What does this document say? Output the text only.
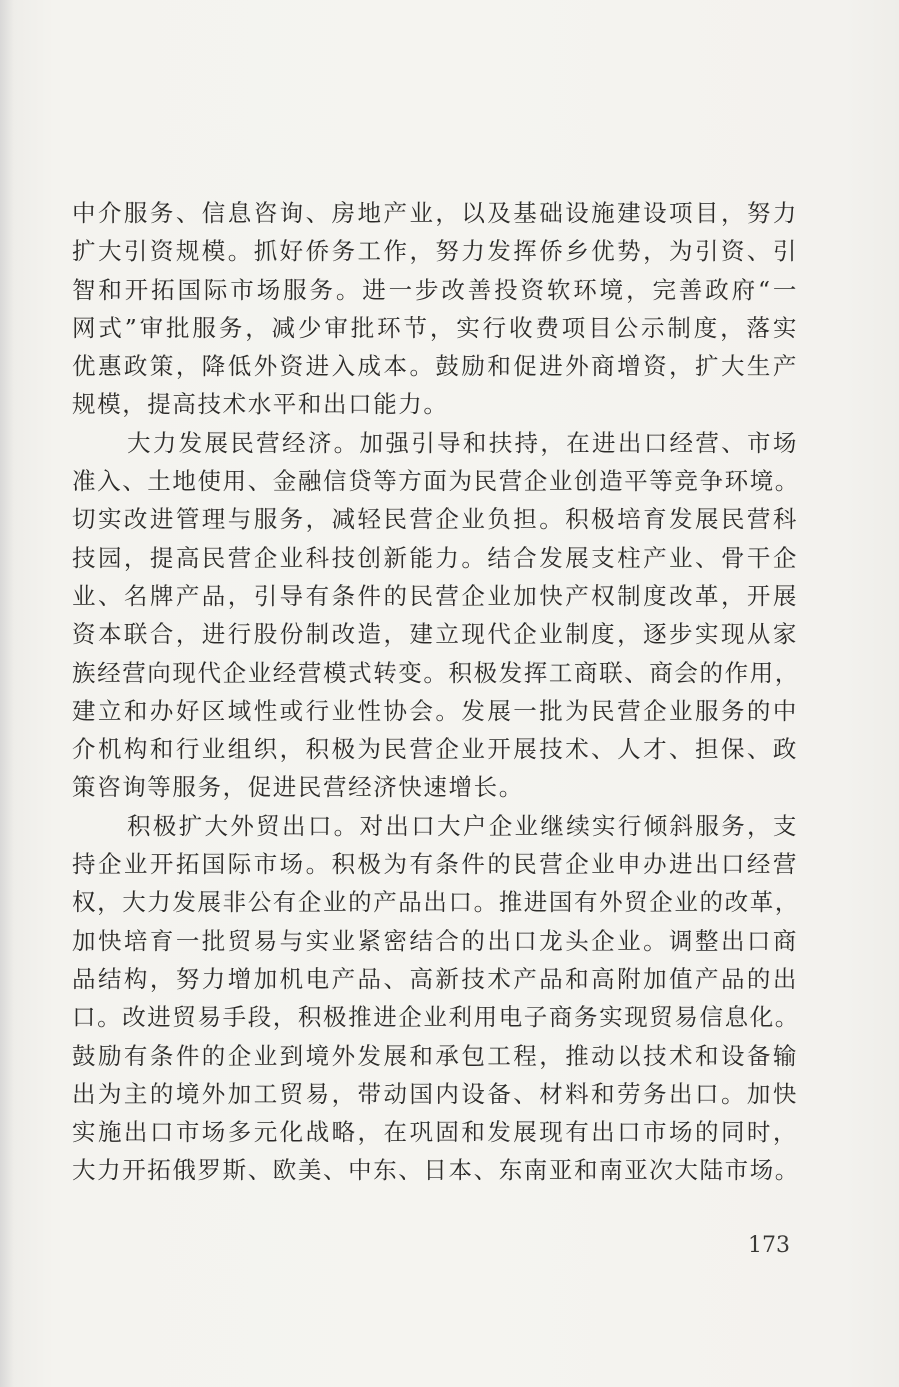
中介服务、信息咨询、房地产业，以及基础设施建设项目，努力
扩大引资规模。抓好侨务工作，努力发挥侨乡优势，为引资、引
智和开拓国际市场服务。进一步改善投资软环境，完善政府“一
网式”审批服务，减少审批环节，实行收费项目公示制度，落实
优惠政策，降低外资进入成本。鼓励和促进外商增资，扩大生产
规模，提高技术水平和出口能力。
大力发展民营经济。加强引导和扶持，在进出口经营、市场
准入、土地使用、金融信贷等方面为民营企业创造平等竞争环境。
切实改进管理与服务，减轻民营企业负担。积极培育发展民营科
技园，提高民营企业科技创新能力。结合发展支柱产业、骨干企
业、名牌产品，引导有条件的民营企业加快产权制度改革，开展
资本联合，进行股份制改造，建立现代企业制度，逐步实现从家
族经营向现代企业经营模式转变。积极发挥工商联、商会的作用，
建立和办好区域性或行业性协会。发展一批为民营企业服务的中
介机构和行业组织，积极为民营企业开展技术、人才、担保、政
策咨询等服务，促进民营经济快速增长。
积极扩大外贸出口。对出口大户企业继续实行倾斜服务，支
持企业开拓国际市场。积极为有条件的民营企业申办进出口经营
权，大力发展非公有企业的产品出口。推进国有外贸企业的改革，
加快培育一批贸易与实业紧密结合的出口龙头企业。调整出口商
品结构，努力增加机电产品、高新技术产品和高附加值产品的出
口。改进贸易手段，积极推进企业利用电子商务实现贸易信息化。
鼓励有条件的企业到境外发展和承包工程，推动以技术和设备输
出为主的境外加工贸易，带动国内设备、材料和劳务出口。加快
实施出口市场多元化战略，在巩固和发展现有出口市场的同时，
大力开拓俄罗斯、欧美、中东、日本、东南亚和南亚次大陆市场。
173
